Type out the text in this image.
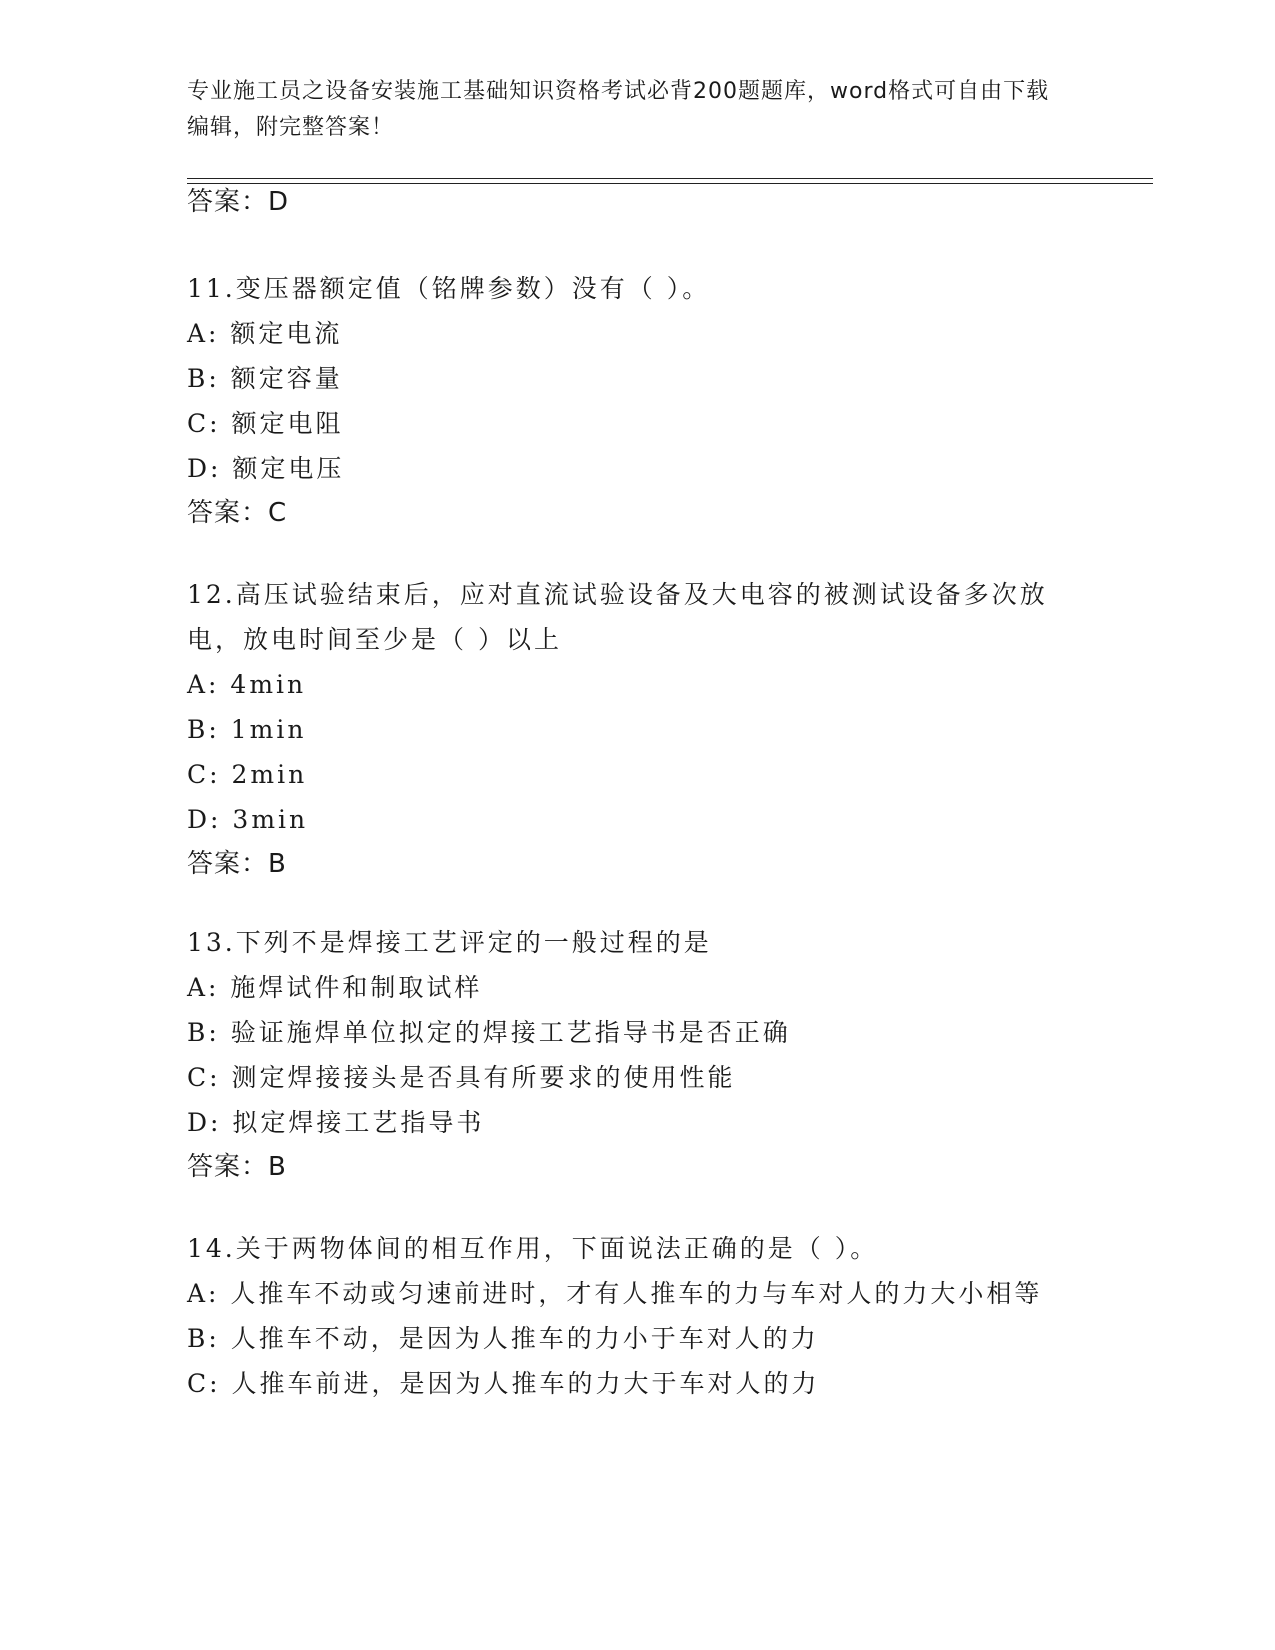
专业施工员之设备安装施工基础知识资格考试必背200题题库，word格式可自由下载编辑，附完整答案！
答案：D
11.变压器额定值（铭牌参数）没有（ ）。
A: 额定电流
B: 额定容量
C: 额定电阻
D: 额定电压
答案：C
12.高压试验结束后，应对直流试验设备及大电容的被测试设备多次放电，放电时间至少是（ ）以上
A: 4min
B: 1min
C: 2min
D: 3min
答案：B
13.下列不是焊接工艺评定的一般过程的是
A: 施焊试件和制取试样
B: 验证施焊单位拟定的焊接工艺指导书是否正确
C: 测定焊接接头是否具有所要求的使用性能
D: 拟定焊接工艺指导书
答案：B
14.关于两物体间的相互作用，下面说法正确的是（ ）。
A: 人推车不动或匀速前进时，才有人推车的力与车对人的力大小相等
B: 人推车不动，是因为人推车的力小于车对人的力
C: 人推车前进，是因为人推车的力大于车对人的力
